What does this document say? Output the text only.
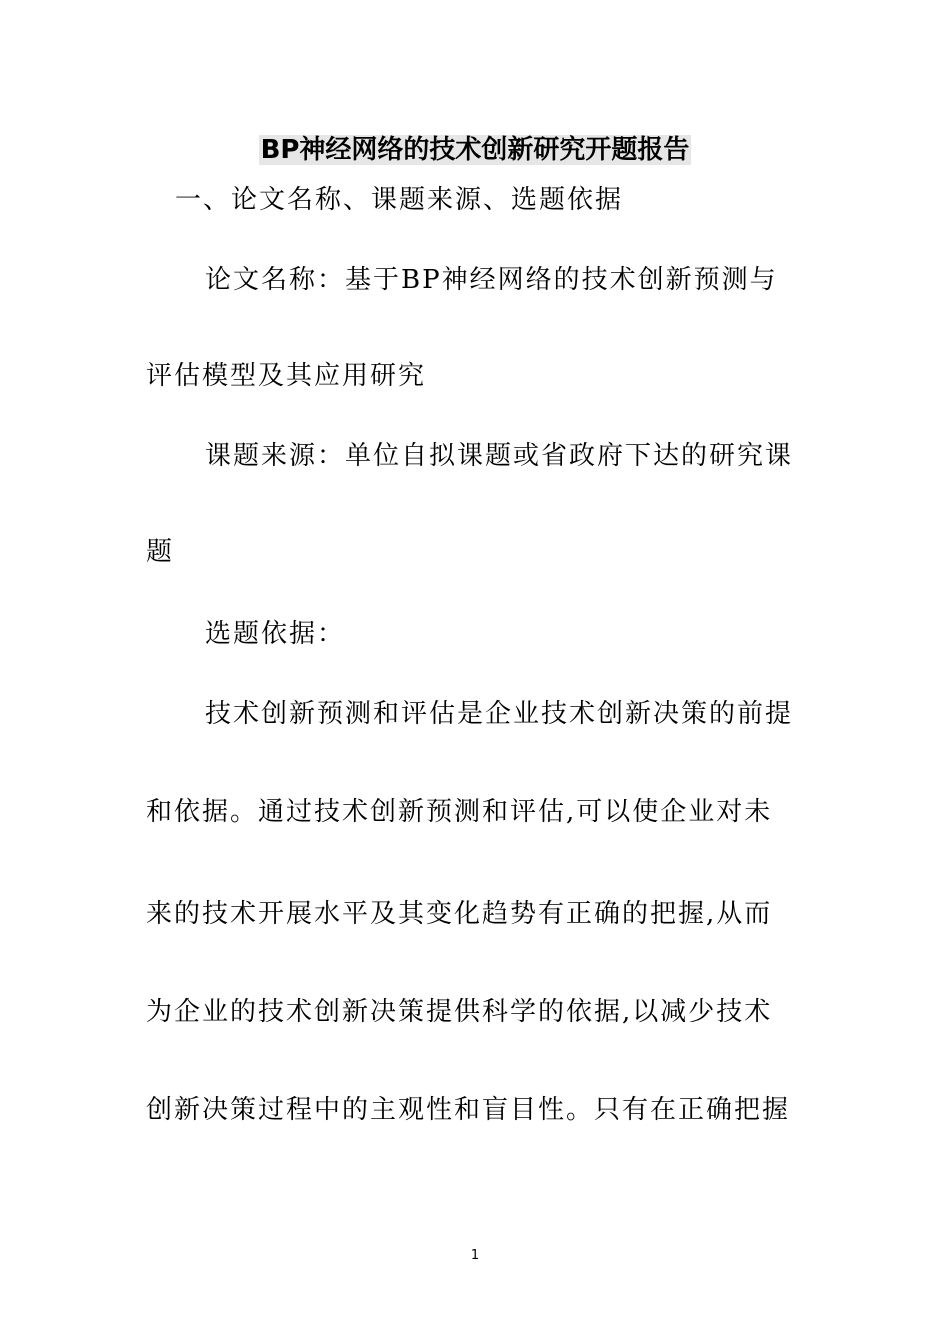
BP神经网络的技术创新研究开题报告
一、论文名称、课题来源、选题依据
论文名称：基于BP神经网络的技术创新预测与
评估模型及其应用研究
课题来源：单位自拟课题或省政府下达的研究课
题
选题依据：
技术创新预测和评估是企业技术创新决策的前提
和依据。通过技术创新预测和评估,可以使企业对未
来的技术开展水平及其变化趋势有正确的把握,从而
为企业的技术创新决策提供科学的依据,以减少技术
创新决策过程中的主观性和盲目性。只有在正确把握
1
